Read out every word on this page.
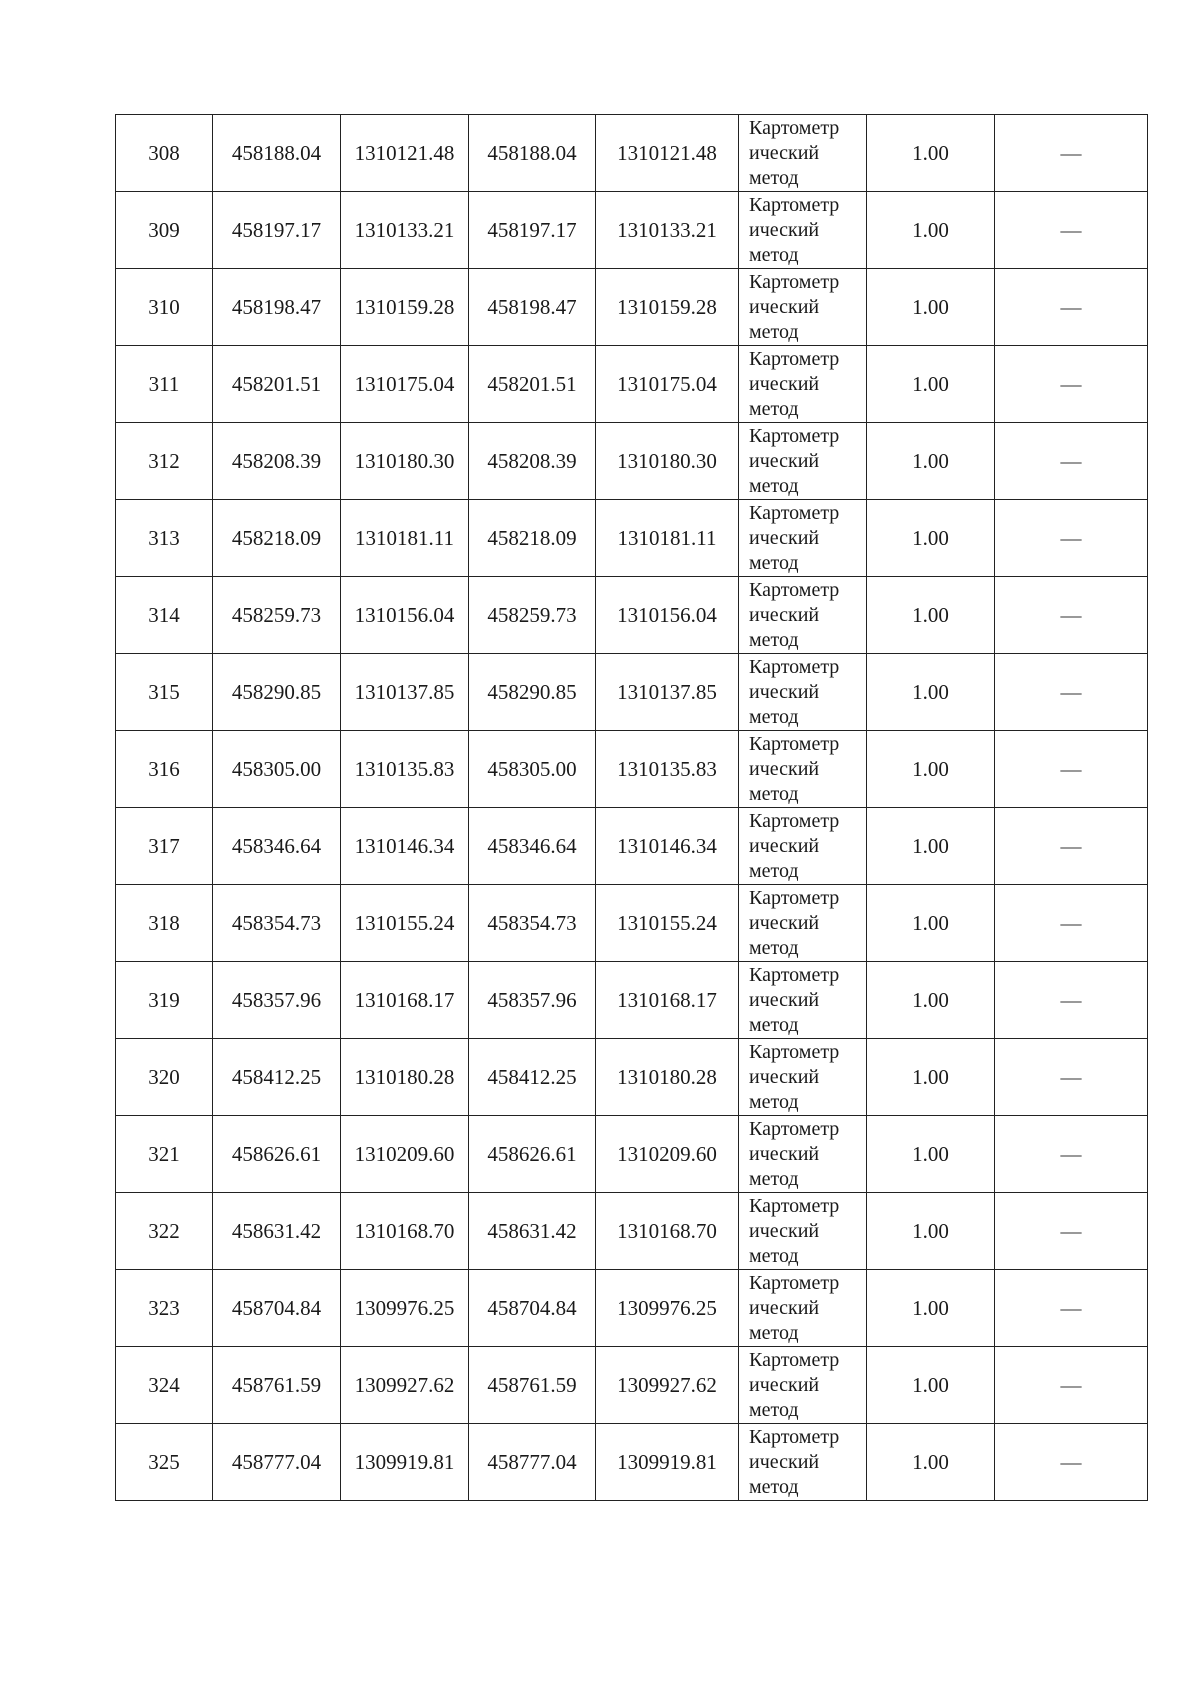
308	458188.04	1310121.48	458188.04	1310121.48	Картометр
ический
метод	1.00	—
309	458197.17	1310133.21	458197.17	1310133.21	Картометр
ический
метод	1.00	—
310	458198.47	1310159.28	458198.47	1310159.28	Картометр
ический
метод	1.00	—
311	458201.51	1310175.04	458201.51	1310175.04	Картометр
ический
метод	1.00	—
312	458208.39	1310180.30	458208.39	1310180.30	Картометр
ический
метод	1.00	—
313	458218.09	1310181.11	458218.09	1310181.11	Картометр
ический
метод	1.00	—
314	458259.73	1310156.04	458259.73	1310156.04	Картометр
ический
метод	1.00	—
315	458290.85	1310137.85	458290.85	1310137.85	Картометр
ический
метод	1.00	—
316	458305.00	1310135.83	458305.00	1310135.83	Картометр
ический
метод	1.00	—
317	458346.64	1310146.34	458346.64	1310146.34	Картометр
ический
метод	1.00	—
318	458354.73	1310155.24	458354.73	1310155.24	Картометр
ический
метод	1.00	—
319	458357.96	1310168.17	458357.96	1310168.17	Картометр
ический
метод	1.00	—
320	458412.25	1310180.28	458412.25	1310180.28	Картометр
ический
метод	1.00	—
321	458626.61	1310209.60	458626.61	1310209.60	Картометр
ический
метод	1.00	—
322	458631.42	1310168.70	458631.42	1310168.70	Картометр
ический
метод	1.00	—
323	458704.84	1309976.25	458704.84	1309976.25	Картометр
ический
метод	1.00	—
324	458761.59	1309927.62	458761.59	1309927.62	Картометр
ический
метод	1.00	—
325	458777.04	1309919.81	458777.04	1309919.81	Картометр
ический
метод	1.00	—
